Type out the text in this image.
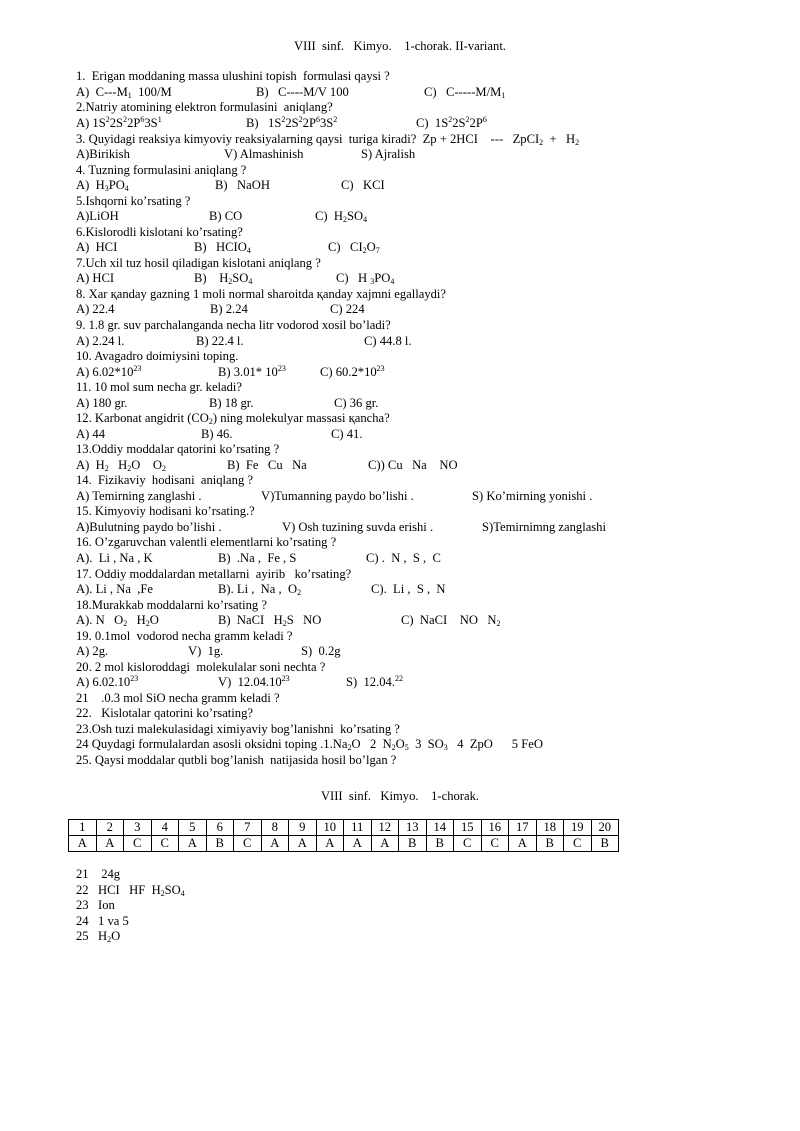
VIII  sinf.   Kimyo.    1-chorak. II-variant.
1.  Erigan moddaning massa ulushini topish  formulasi qaysi ?
A)  $C---M_1$  100/M	B)   C----M/V 100	C)   $C-----M/M_1$
2.Natriy atomining elektron formulasini  aniqlang?
A) $1S^22S^22P^63S^1$	B)   $1S^22S^22P^63S^2$	C)  $1S^22S^22P^6$
3. Quyidagi reaksiya kimyoviy reaksiyalarning qaysi  turiga kiradi?  Zp + 2HCI    ---   ZpCI$_2$  +   $H_2$
A)Birikish	V) Almashinish	S) Ajralish
4. Tuzning formulasini aniqlang ?
A)  $H_3PO_4$	B)   NaOH	C)   KCI
5.Ishqorni ko’rsating ?
A)LiOH	B) CO	C)  $H_2SO_4$
6.Kislorodli kislotani ko’rsating?
A)  HCI	B)   $HCIO_4$	C)   $CI_2O_7$
7.Uch xil tuz hosil qiladigan kislotani aniqlang ?
A) HCI	B)    $H_2SO_4$	C)   H $_3PO_4$
8. Xar қanday gazning 1 moli normal sharoitda қanday xajmni egallaydi?
A) 22.4	B) 2.24	C) 224
9. 1.8 gr. suv parchalanganda necha litr vodorod xosil bo’ladi?
A) 2.24 l.	B) 22.4 l.	C) 44.8 l.
10. Avagadro doimiysini toping.
A) $6.02*10^{23}$	B) 3.01* $10^{23}$	C) $60.2*10^{23}$
11. 10 mol sum necha gr. keladi?
A) 180 gr.	B) 18 gr.	C) 36 gr.
12. Karbonat angidrit $(CO_2)$ ning molekulyar massasi қancha?
A) 44	B) 46.	C) 41.
13.Oddiy moddalar qatorini ko’rsating ?
A)  $H_2$   $H_2O$    $O_2$	B)  Fe   Cu   Na	C)) Cu   Na    NO
14.  Fizikaviy  hodisani  aniqlang ?
A) Temirning zanglashi .	V)Tumanning paydo bo’lishi .	S) Ko’mirning yonishi .
15. Kimyoviy hodisani ko’rsating.?
A)Bulutning paydo bo’lishi .	V) Osh tuzining suvda erishi .	S)Temirnimng zanglashi
16. O’zgaruvchan valentli elementlarni ko’rsating ?
A).  Li , Na , K	B)  .Na ,  Fe , S	C) .  N ,  S ,  C
17. Oddiy moddalardan metallarni  ayirib   ko’rsating?
A). Li , Na  ,Fe	B). Li ,  Na ,  $O_2$	C).  Li ,  S ,  N
18.Murakkab moddalarni ko’rsating ?
A). N   $O_2$   $H_2O$	B)  NaCI   $H_2S$   NO	C)  NaCI    NO   $N_2$
19. 0.1mol  vodorod necha gramm keladi ?
A) 2g.	V)  1g.	S)  0.2g
20. 2 mol kisloroddagi  molekulalar soni nechta ?
A) 6.02.10$^{23}$	V)  12.04.10$^{23}$	S)  12.04.22
21    .0.3 mol SiO necha gramm keladi ?
22.   Kislotalar qatorini ko’rsating?
23.Osh tuzi malekulasidagi ximiyaviy bog’lanishni  ko’rsating ?
24 Quydagi formulalardan asosli oksidni toping $.1.Na_2O$   2  $N_2O_5$  3  $SO_3$   4  ZpO      5 FeO
25. Qaysi moddalar qutbli bog’lanish  natijasida hosil bo’lgan ?
VIII  sinf.   Kimyo.    1-chorak.
1	2	3	4	5	6	7	8	9	10	11	12	13	14	15	16	17	18	19	20
A	A	C	C	A	B	C	A	A	A	A	A	B	B	C	C	A	B	C	B
21    24g
22   HCI   HF  $H_2SO_4$
23   Ion
24   1 va 5
25   $H_2O$
